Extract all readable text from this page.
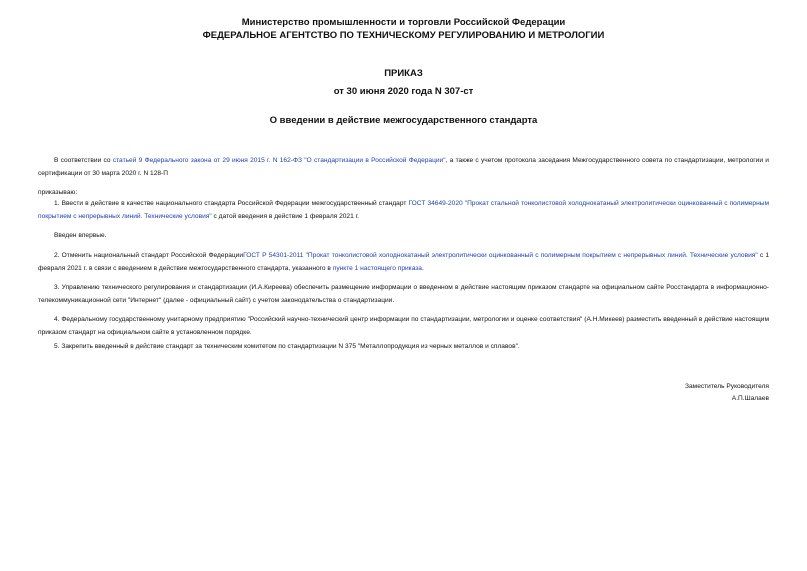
Министерство промышленности и торговли Российской Федерации
ФЕДЕРАЛЬНОЕ АГЕНТСТВО ПО ТЕХНИЧЕСКОМУ РЕГУЛИРОВАНИЮ И МЕТРОЛОГИИ
ПРИКАЗ
от 30 июня 2020 года N 307-ст
О введении в действие межгосударственного стандарта

В соответствии со статьей 9 Федерального закона от 29 июня 2015 г. N 162-ФЗ "О стандартизации в Российской Федерации", а также с учетом протокола заседания Межгосударственного совета по стандартизации, метрологии и сертификации от 30 марта 2020 г. N 128-П

приказываю:

1. Ввести в действие в качестве национального стандарта Российской Федерации межгосударственный стандарт ГОСТ 34649-2020 "Прокат стальной тонколистовой холоднокатаный электролитически оцинкованный с полимерным покрытием с непрерывных линий. Технические условия" с датой введения в действие 1 февраля 2021 г.

Введен впервые.

2. Отменить национальный стандарт Российской ФедерацииГОСТ Р 54301-2011 "Прокат тонколистовой холоднокатаный электролитически оцинкованный с полимерным покрытием с непрерывных линий. Технические условия" с 1 февраля 2021 г. в связи с введением в действие межгосударственного стандарта, указанного в пункте 1 настоящего приказа.

3. Управлению технического регулирования и стандартизации (И.А.Киреева) обеспечить размещение информации о введенном в действие настоящим приказом стандарте на официальном сайте Росстандарта в информационно-телекоммуникационной сети "Интернет" (далее - официальный сайт) с учетом законодательства о стандартизации.

4. Федеральному государственному унитарному предприятию "Российский научно-технический центр информации по стандартизации, метрологии и оценке соответствия" (А.Н.Микеев) разместить введенный в действие настоящим приказом стандарт на официальном сайте в установленном порядке.

5. Закрепить введенный в действие стандарт за техническим комитетом по стандартизации N 375 "Металлопродукция из черных металлов и сплавов".

Заместитель Руководителя
А.П.Шалаев
